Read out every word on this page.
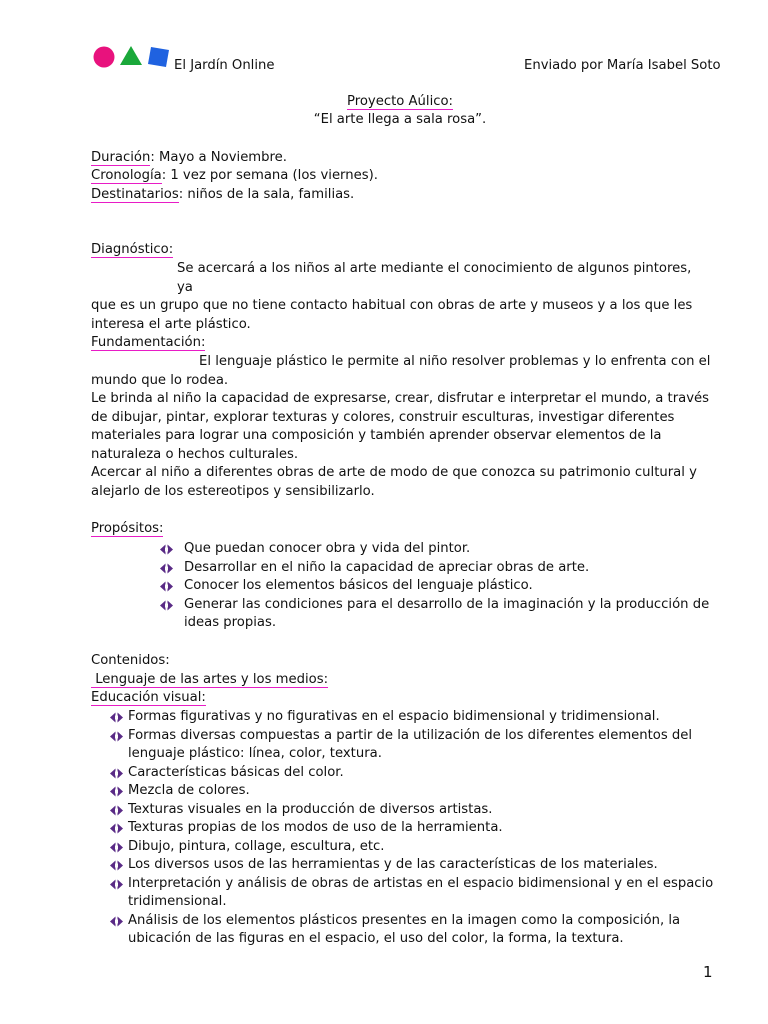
El Jardín Online	Enviado por María Isabel Soto
Proyecto Aúlico:
“El arte llega a sala rosa”.
Duración: Mayo a Noviembre.
Cronología: 1 vez por semana (los viernes).
Destinatarios: niños de la sala, familias.
Diagnóstico:
Se acercará a los niños al arte mediante el conocimiento de algunos pintores, ya
que es un grupo que no tiene contacto habitual con obras de arte y museos y a los que les
interesa el arte plástico.
Fundamentación:
El lenguaje plástico le permite al niño resolver problemas y lo enfrenta con el
mundo que lo rodea.
Le brinda al niño la capacidad de expresarse, crear, disfrutar e interpretar el mundo, a través
de dibujar, pintar, explorar texturas y colores, construir esculturas, investigar diferentes
materiales para lograr una composición y también aprender observar elementos de la
naturaleza o hechos culturales.
Acercar al niño a diferentes obras de arte de modo de que conozca su patrimonio cultural y
alejarlo de los estereotipos y sensibilizarlo.
Propósitos:
Que puedan conocer obra y vida del pintor.
Desarrollar en el niño la capacidad de apreciar obras de arte.
Conocer los elementos básicos del lenguaje plástico.
Generar las condiciones para el desarrollo de la imaginación y la producción de
ideas propias.
Contenidos:
Lenguaje de las artes y los medios:
Educación visual:
Formas figurativas y no figurativas en el espacio bidimensional y tridimensional.
Formas diversas compuestas a partir de la utilización de los diferentes elementos del
lenguaje plástico: línea, color, textura.
Características básicas del color.
Mezcla de colores.
Texturas visuales en la producción de diversos artistas.
Texturas propias de los modos de uso de la herramienta.
Dibujo, pintura, collage, escultura, etc.
Los diversos usos de las herramientas y de las características de los materiales.
Interpretación y análisis de obras de artistas en el espacio bidimensional y en el espacio
tridimensional.
Análisis de los elementos plásticos presentes en la imagen como la composición, la
ubicación de las figuras en el espacio, el uso del color, la forma, la textura.
1
